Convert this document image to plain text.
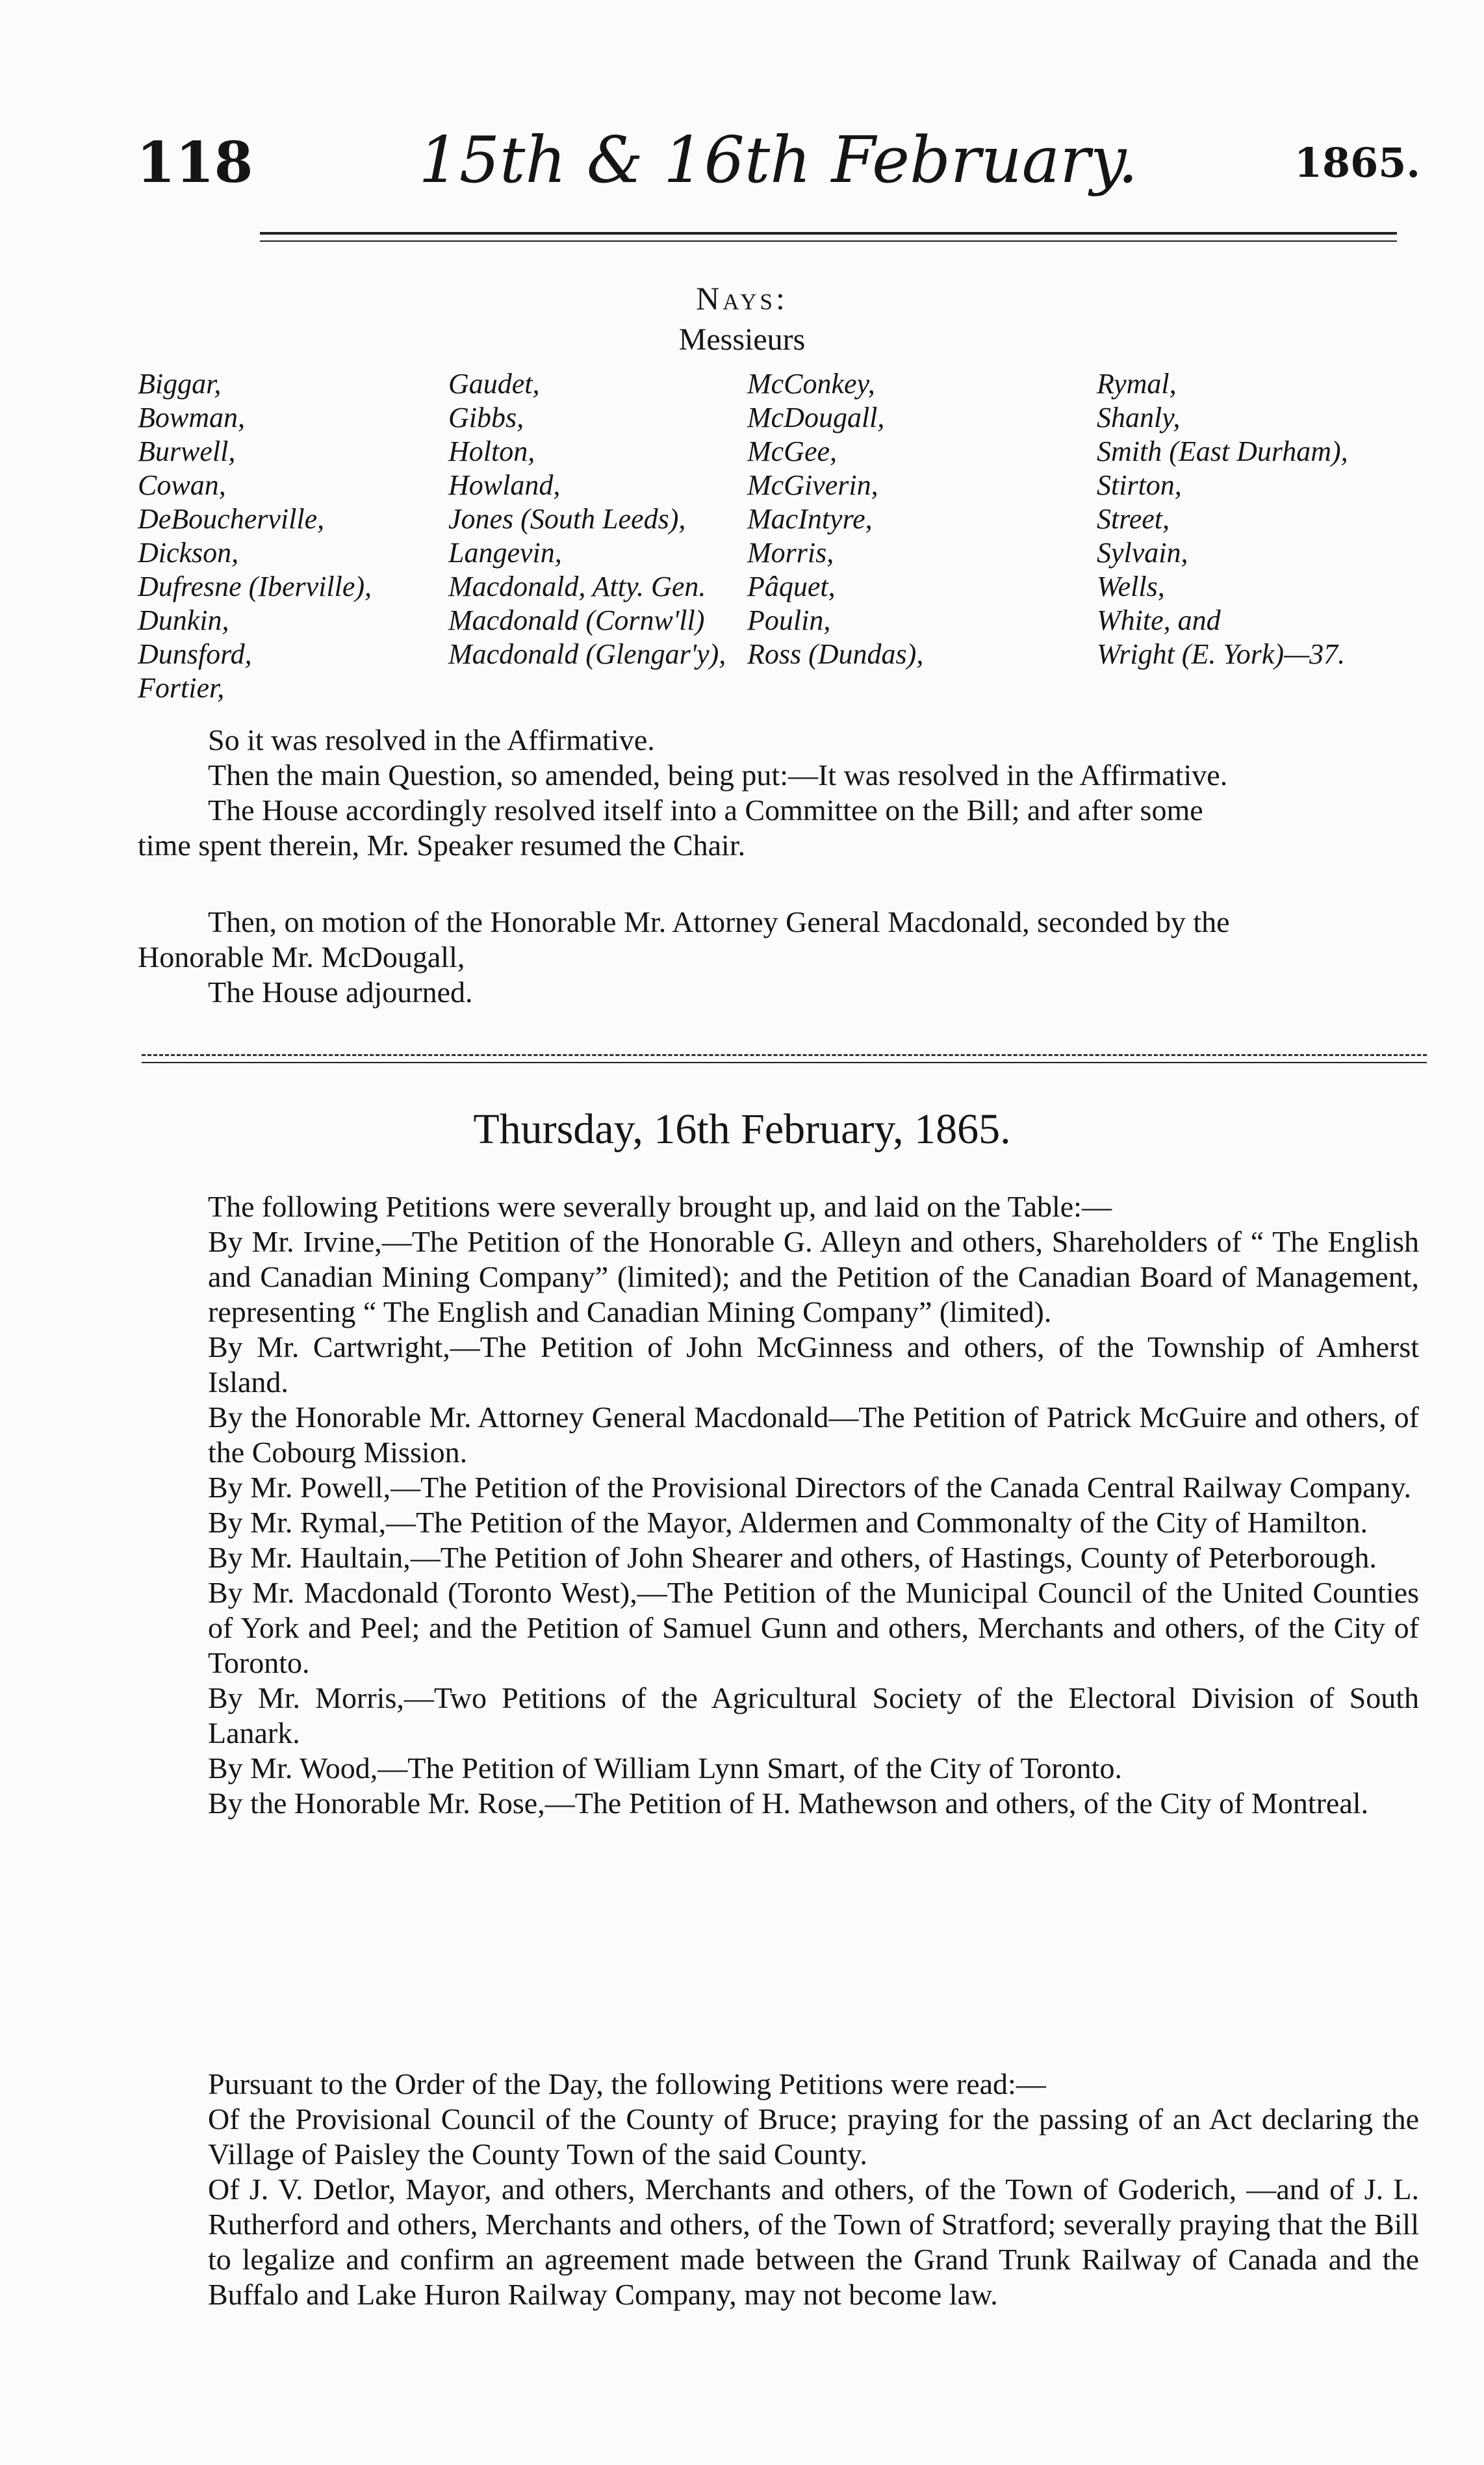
118	15th & 16th February.	1865.
Nays:
Messieurs
Biggar,
Bowman,
Burwell,
Cowan,
DeBoucherville,
Dickson,
Dufresne (Iberville),
Dunkin,
Dunsford,
Fortier,
Gaudet,
Gibbs,
Holton,
Howland,
Jones (South Leeds),
Langevin,
Macdonald, Atty. Gen.
Macdonald (Cornw'll)
Macdonald (Glengar'y),
McConkey,
McDougall,
McGee,
McGiverin,
MacIntyre,
Morris,
Pâquet,
Poulin,
Ross (Dundas),
Rymal,
Shanly,
Smith (East Durham),
Stirton,
Street,
Sylvain,
Wells,
White, and
Wright (E. York)—37.
So it was resolved in the Affirmative.
Then the main Question, so amended, being put:—It was resolved in the Affirmative.
The House accordingly resolved itself into a Committee on the Bill; and after some
time spent therein, Mr. Speaker resumed the Chair.
Then, on motion of the Honorable Mr. Attorney General Macdonald, seconded by the
Honorable Mr. McDougall,
The House adjourned.
Thursday, 16th February, 1865.
The following Petitions were severally brought up, and laid on the Table:—
By Mr. Irvine,—The Petition of the Honorable G. Alleyn and others, Shareholders of “ The English and Canadian Mining Company” (limited); and the Petition of the Canadian Board of Management, representing “ The English and Canadian Mining Company” (limited).
By Mr. Cartwright,—The Petition of John McGinness and others, of the Township of Amherst Island.
By the Honorable Mr. Attorney General Macdonald—The Petition of Patrick McGuire and others, of the Cobourg Mission.
By Mr. Powell,—The Petition of the Provisional Directors of the Canada Central Railway Company.
By Mr. Rymal,—The Petition of the Mayor, Aldermen and Commonalty of the City of Hamilton.
By Mr. Haultain,—The Petition of John Shearer and others, of Hastings, County of Peterborough.
By Mr. Macdonald (Toronto West),—The Petition of the Municipal Council of the United Counties of York and Peel; and the Petition of Samuel Gunn and others, Merchants and others, of the City of Toronto.
By Mr. Morris,—Two Petitions of the Agricultural Society of the Electoral Division of South Lanark.
By Mr. Wood,—The Petition of William Lynn Smart, of the City of Toronto.
By the Honorable Mr. Rose,—The Petition of H. Mathewson and others, of the City of Montreal.
Pursuant to the Order of the Day, the following Petitions were read:—
Of the Provisional Council of the County of Bruce; praying for the passing of an Act declaring the Village of Paisley the County Town of the said County.
Of J. V. Detlor, Mayor, and others, Merchants and others, of the Town of Goderich, —and of J. L. Rutherford and others, Merchants and others, of the Town of Stratford; severally praying that the Bill to legalize and confirm an agreement made between the Grand Trunk Railway of Canada and the Buffalo and Lake Huron Railway Company, may not become law.
